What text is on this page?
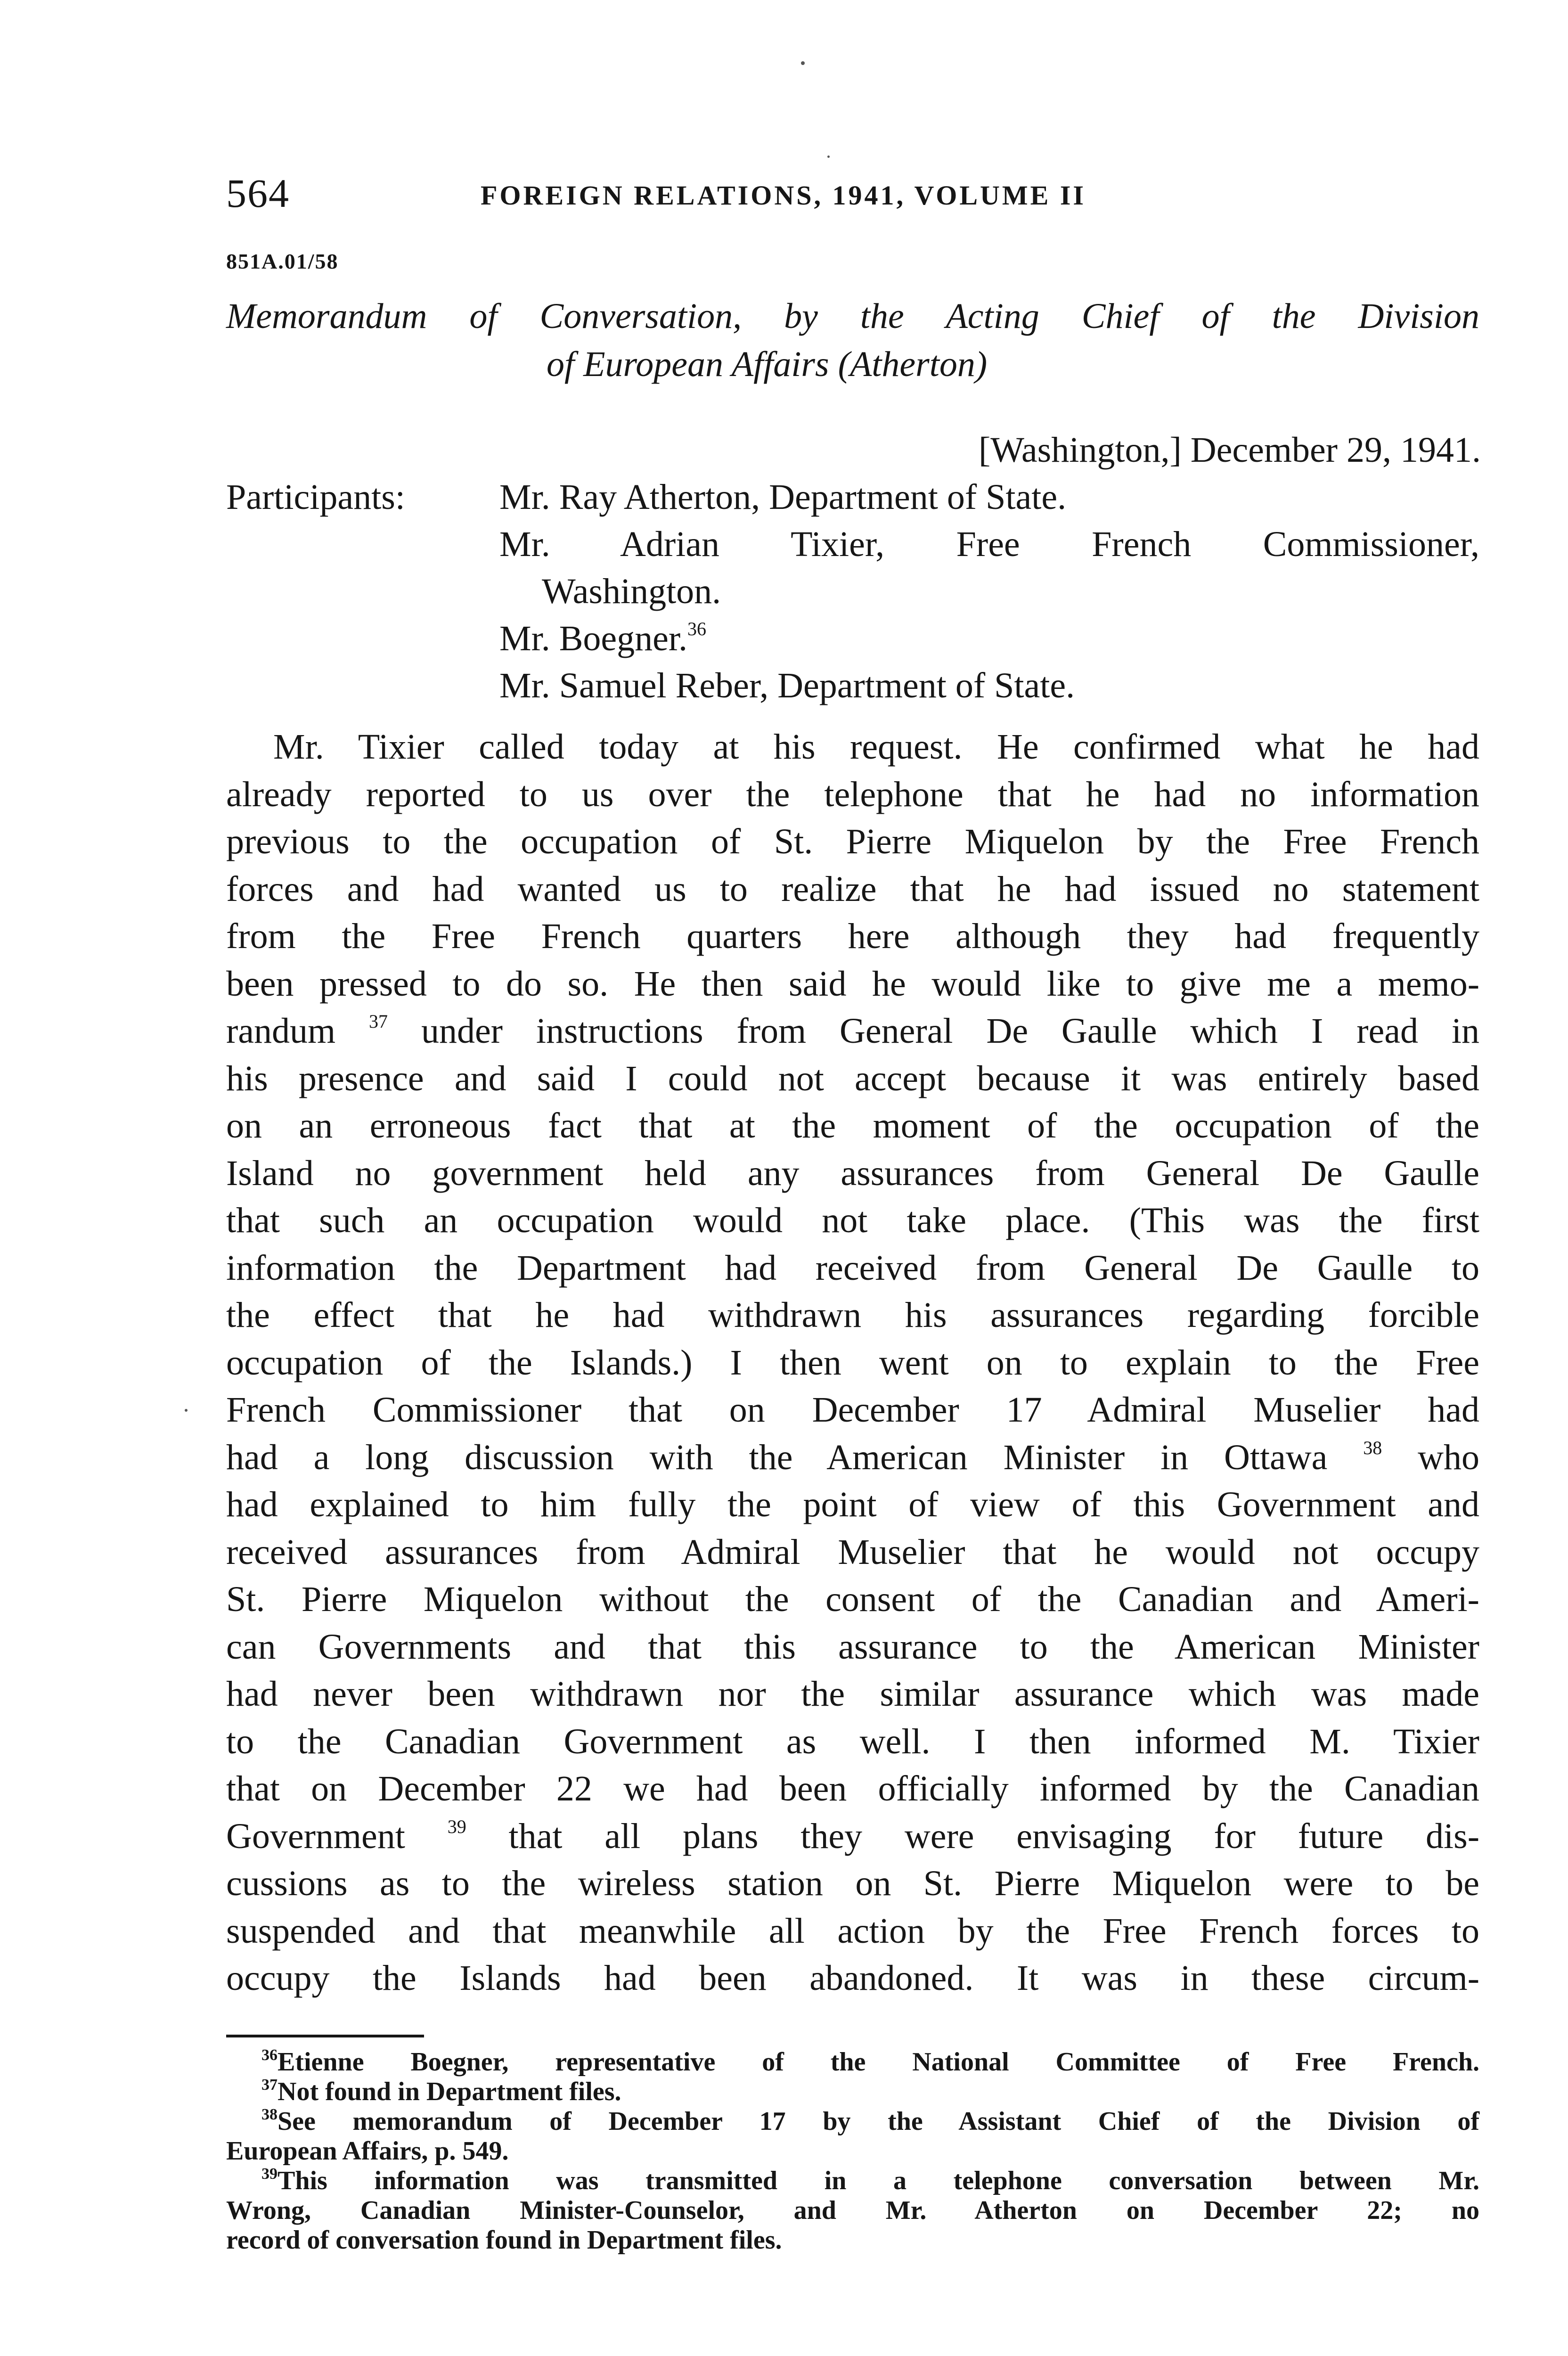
564	FOREIGN RELATIONS, 1941, VOLUME II
851A.01/58
Memorandum of Conversation, by the Acting Chief of the Division
of European Affairs (Atherton)
[Washington,] December 29, 1941.
Participants:	Mr. Ray Atherton, Department of State.
Mr. Adrian Tixier, Free French Commissioner,
Washington.
Mr. Boegner.$^{36}$
Mr. Samuel Reber, Department of State.
Mr. Tixier called today at his request. He confirmed what he had
already reported to us over the telephone that he had no information
previous to the occupation of St. Pierre Miquelon by the Free French
forces and had wanted us to realize that he had issued no statement
from the Free French quarters here although they had frequently
been pressed to do so. He then said he would like to give me a memo-
randum $^{37}$ under instructions from General De Gaulle which I read in
his presence and said I could not accept because it was entirely based
on an erroneous fact that at the moment of the occupation of the
Island no government held any assurances from General De Gaulle
that such an occupation would not take place. (This was the first
information the Department had received from General De Gaulle to
the effect that he had withdrawn his assurances regarding forcible
occupation of the Islands.) I then went on to explain to the Free
French Commissioner that on December 17 Admiral Muselier had
had a long discussion with the American Minister in Ottawa $^{38}$ who
had explained to him fully the point of view of this Government and
received assurances from Admiral Muselier that he would not occupy
St. Pierre Miquelon without the consent of the Canadian and Ameri-
can Governments and that this assurance to the American Minister
had never been withdrawn nor the similar assurance which was made
to the Canadian Government as well. I then informed M. Tixier
that on December 22 we had been officially informed by the Canadian
Government $^{39}$ that all plans they were envisaging for future dis-
cussions as to the wireless station on St. Pierre Miquelon were to be
suspended and that meanwhile all action by the Free French forces to
occupy the Islands had been abandoned. It was in these circum-
$^{36}$Etienne Boegner, representative of the National Committee of Free French.
$^{37}$Not found in Department files.
$^{38}$See memorandum of December 17 by the Assistant Chief of the Division of
European Affairs, p. 549.
$^{39}$This information was transmitted in a telephone conversation between Mr.
Wrong, Canadian Minister-Counselor, and Mr. Atherton on December 22; no
record of conversation found in Department files.
